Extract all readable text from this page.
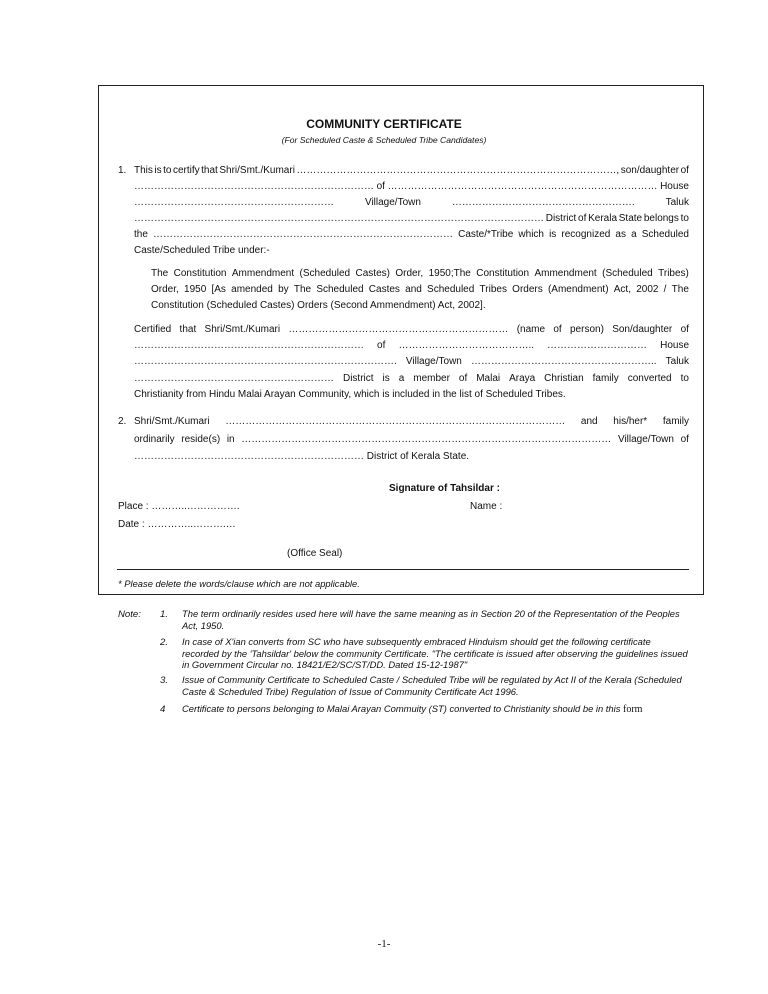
COMMUNITY CERTIFICATE
(For Scheduled Caste & Scheduled Tribe Candidates)
1. This is to certify that Shri/Smt./Kumari ……………………………………………………………………………………, son/daughter of
……………………………………………………………… of ……………………………………………………………………… House
……………………………………………………	Village/Town	……………………………………………….	Taluk
…………………………………………………………………………………………………………… District of Kerala State belongs to
the ……………………………………………………………………………… Caste/*Tribe which is recognized as a Scheduled
Caste/Scheduled Tribe under:-
The Constitution Ammendment (Scheduled Castes) Order, 1950;The Constitution Ammendment (Scheduled Tribes)
Order, 1950 [As amended by The Scheduled Castes and Scheduled Tribes Orders (Amendment) Act, 2002 / The
Constitution (Scheduled Castes) Orders (Second Ammendment) Act, 2002].
Certified that Shri/Smt./Kumari ………………………………………………………… (name of person) Son/daughter of
…………………………………………………………… of ………………………………….. ………………………… House
……………………………………………………………………. Village/Town ……………………………………………….. Taluk
…………………………………………………… District is a member of Malai Araya Christian family converted to
Christianity from Hindu Malai Arayan Community, which is included in the list of Scheduled Tribes.
2. Shri/Smt./Kumari ………………………………………………………………………………………… and his/her* family
ordinarily reside(s) in ………………………………………………………………………………………………… Village/Town of
…………………………………………………………… District of Kerala State.
Signature of Tahsildar :
Name :
Place : ………..…………….
Date : …………..……….…
(Office Seal)
* Please delete the words/clause which are not applicable.
Note: 1. The term ordinarily resides used here will have the same meaning as in Section 20 of the Representation of the Peoples Act, 1950.
2. In case of X'ian converts from SC who have subsequently embraced Hinduism should get the following certificate recorded by the 'Tahsildar' below the community Certificate. "The certificate is issued after observing the guidelines issued in Government Circular no. 18421/E2/SC/ST/DD. Dated 15-12-1987"
3. Issue of Community Certificate to Scheduled Caste / Scheduled Tribe will be regulated by Act II of the Kerala (Scheduled Caste & Scheduled Tribe) Regulation of Issue of Community Certificate Act 1996.
4 Certificate to persons belonging to Malai Arayan Commuity (ST) converted to Christianity should be in this form
-1-
